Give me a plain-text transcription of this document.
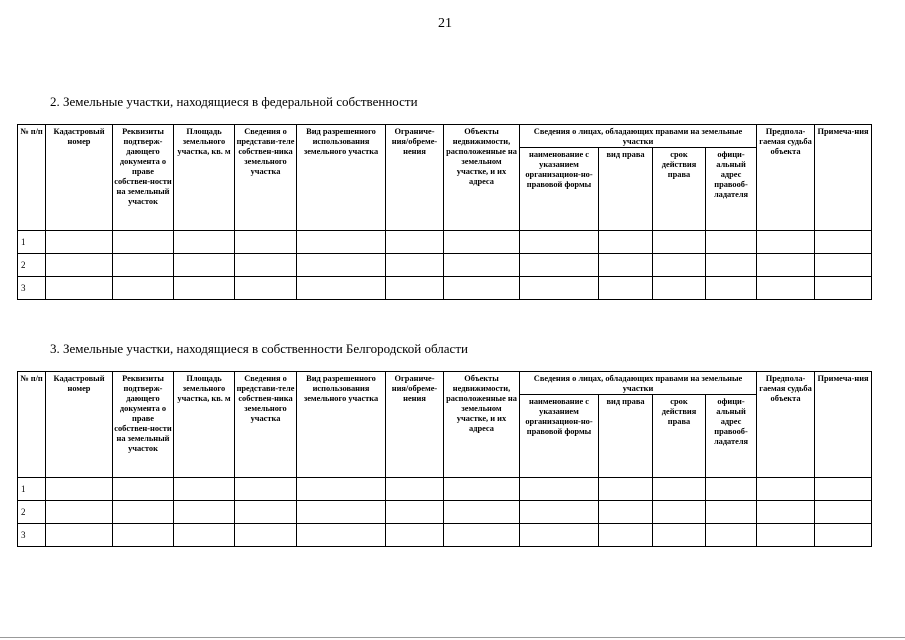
21
2. Земельные участки, находящиеся в федеральной собственности
№ п/п	Кадастровый номер	Реквизиты подтверж-дающего документа о праве собствен-ности на земельный участок	Площадь земельного участка, кв. м	Сведения о представи-теле собствен-ника земельного участка	Вид разрешенного использования земельного участка	Ограниче-ния/обреме-нения	Объекты недвижимости, расположенные на земельном участке, и их адреса	Сведения о лицах, обладающих правами на земельные участки				Предпола-гаемая судьба объекта	Примеча-ния
								наименование с указанием организацион-но-правовой формы	вид права	срок действия права	офици-альный адрес правооб-ладателя		
1													
2													
3													
3. Земельные участки, находящиеся в собственности Белгородской области
№ п/п	Кадастровый номер	Реквизиты подтверж-дающего документа о праве собствен-ности на земельный участок	Площадь земельного участка, кв. м	Сведения о представи-теле собствен-ника земельного участка	Вид разрешенного использования земельного участка	Ограниче-ния/обреме-нения	Объекты недвижимости, расположенные на земельном участке, и их адреса	Сведения о лицах, обладающих правами на земельные участки				Предпола-гаемая судьба объекта	Примеча-ния
								наименование с указанием организацион-но-правовой формы	вид права	срок действия права	офици-альный адрес правооб-ладателя		
1													
2													
3													
